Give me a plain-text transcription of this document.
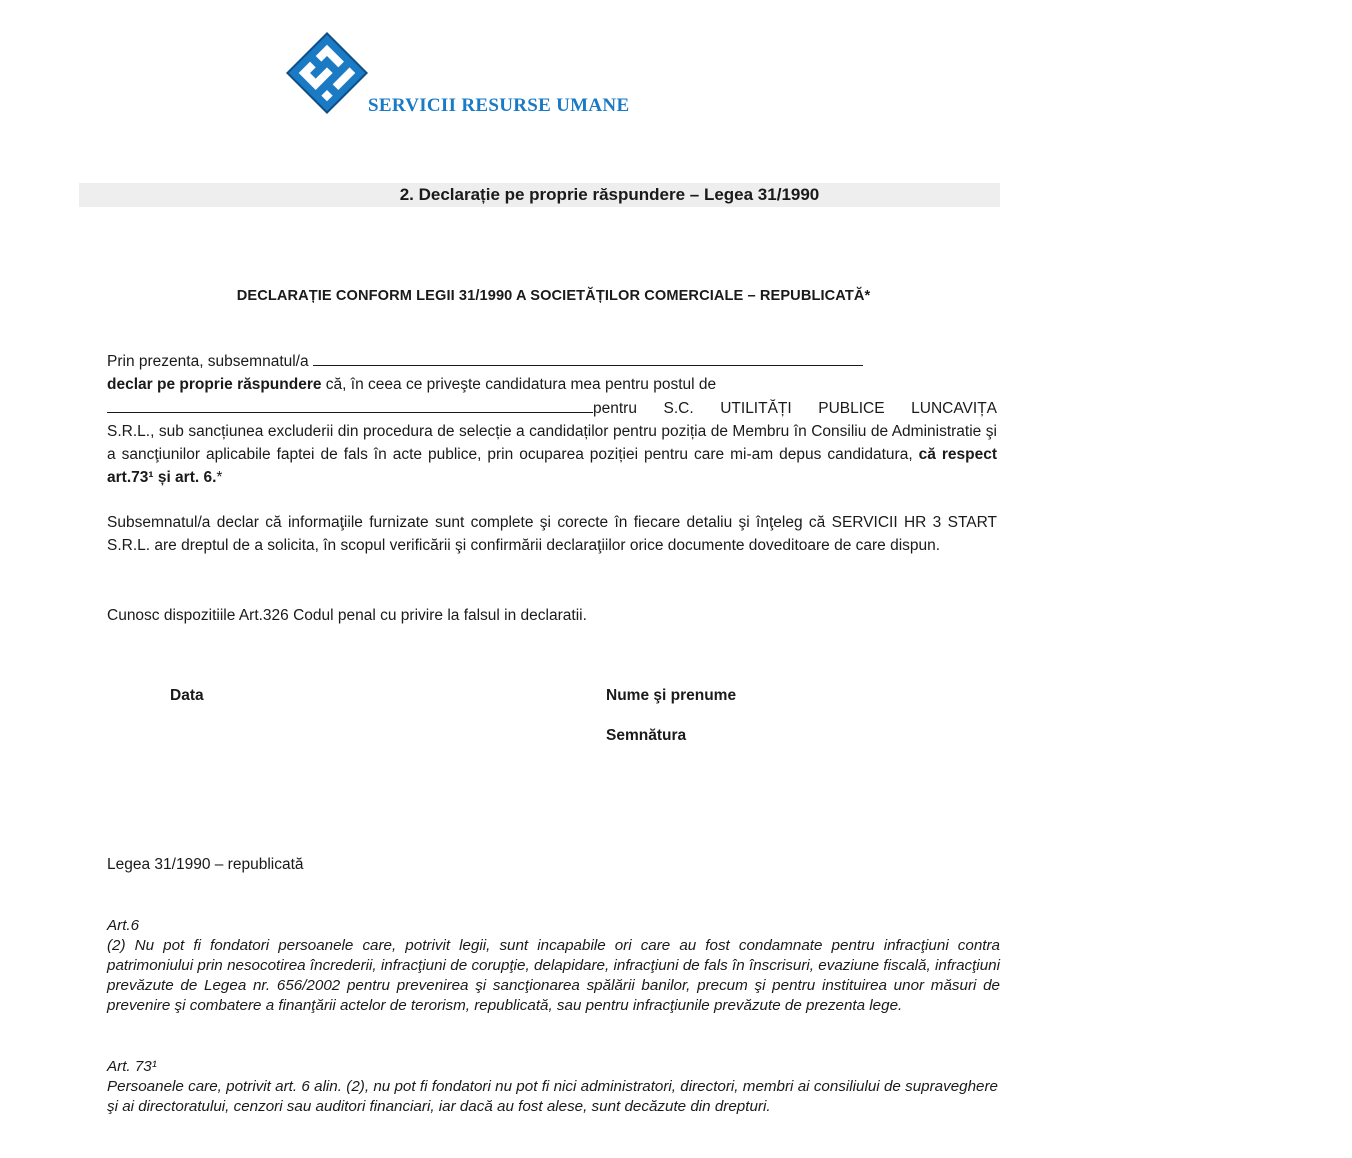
SERVICII RESURSE UMANE
2. Declarație pe proprie răspundere – Legea 31/1990
DECLARAȚIE CONFORM LEGII 31/1990 A SOCIETĂȚILOR COMERCIALE – REPUBLICATĂ*
Prin prezenta, subsemnatul/a
declar pe proprie răspundere că, în ceea ce priveşte candidatura mea pentru postul de
pentru S.C. UTILITĂȚI PUBLICE LUNCAVIȚA
S.R.L., sub sancțiunea excluderii din procedura de selecție a candidaților pentru poziția de Membru în Consiliu de Administratie şi a sancţiunilor aplicabile faptei de fals în acte publice, prin ocuparea poziției pentru care mi-am depus candidatura, că respect art.73¹ și art. 6.*
Subsemnatul/a declar că informaţiile furnizate sunt complete şi corecte în fiecare detaliu şi înţeleg că SERVICII HR 3 START S.R.L. are dreptul de a solicita, în scopul verificării şi confirmării declaraţiilor orice documente doveditoare de care dispun.
Cunosc dispozitiile Art.326 Codul penal cu privire la falsul in declaratii.
Data	Nume şi prenume
Semnătura
Legea 31/1990 – republicată
Art.6
(2) Nu pot fi fondatori persoanele care, potrivit legii, sunt incapabile ori care au fost condamnate pentru infracţiuni contra patrimoniului prin nesocotirea încrederii, infracţiuni de corupţie, delapidare, infracţiuni de fals în înscrisuri, evaziune fiscală, infracţiuni prevăzute de Legea nr. 656/2002 pentru prevenirea şi sancţionarea spălării banilor, precum şi pentru instituirea unor măsuri de prevenire şi combatere a finanţării actelor de terorism, republicată, sau pentru infracţiunile prevăzute de prezenta lege.
Art. 73¹
Persoanele care, potrivit art. 6 alin. (2), nu pot fi fondatori nu pot fi nici administratori, directori, membri ai consiliului de supraveghere şi ai directoratului, cenzori sau auditori financiari, iar dacă au fost alese, sunt decăzute din drepturi.
